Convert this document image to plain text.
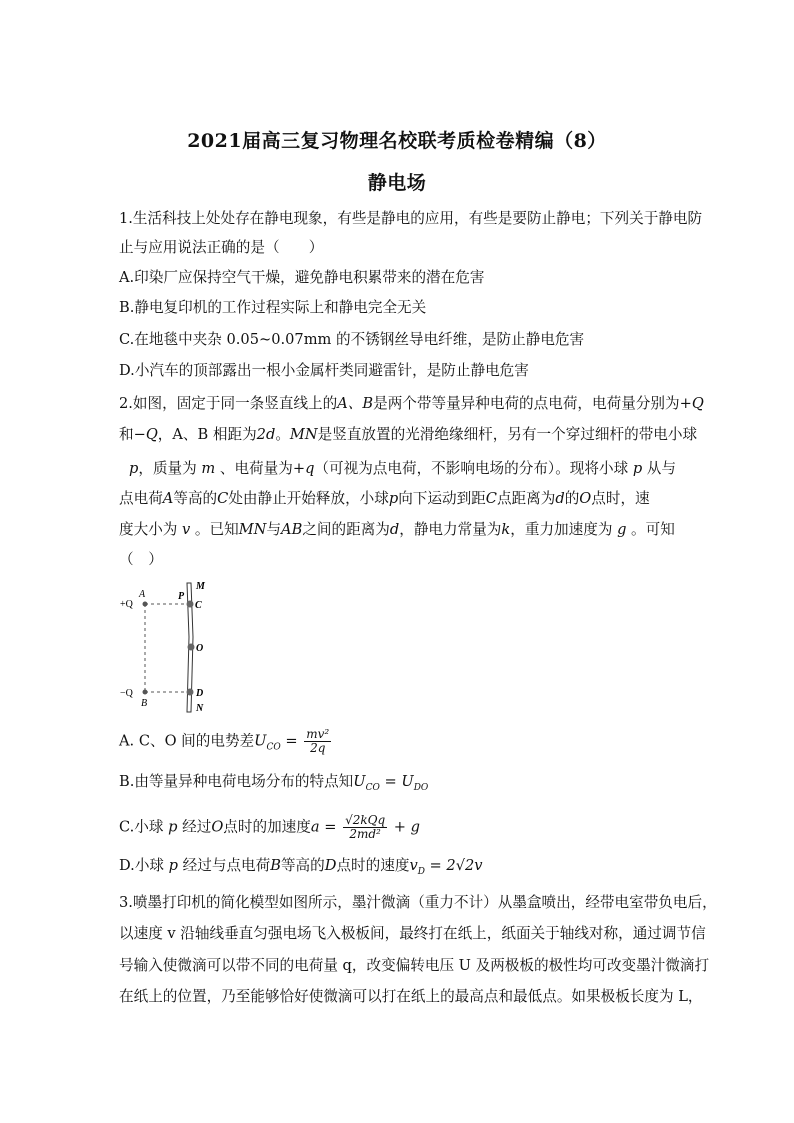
2021届高三复习物理名校联考质检卷精编（8）
静电场
1.生活科技上处处存在静电现象，有些是静电的应用，有些是要防止静电；下列关于静电防
止与应用说法正确的是（　　）
A.印染厂应保持空气干燥，避免静电积累带来的潜在危害
B.静电复印机的工作过程实际上和静电完全无关
C.在地毯中夹杂 0.05~0.07mm 的不锈钢丝导电纤维，是防止静电危害
D.小汽车的顶部露出一根小金属杆类同避雷针，是防止静电危害
2.如图，固定于同一条竖直线上的A、B是两个带等量异种电荷的点电荷，电荷量分别为+Q
和−Q，A、B 相距为2d。MN是竖直放置的光滑绝缘细杆，另有一个穿过细杆的带电小球
p，质量为 m 、电荷量为+q（可视为点电荷，不影响电场的分布）。现将小球 p 从与
点电荷A等高的C处由静止开始释放，小球p向下运动到距C点距离为d的O点时，速
度大小为 v 。已知MN与AB之间的距离为d，静电力常量为k，重力加速度为 g 。可知
（　）
+Q
A
−Q
B
P
C
M
O
D
N
A. C、O 间的电势差$U_{CO} = \frac{\text{mv²}}{2q}$
B.由等量异种电荷电场分布的特点知$U_{CO} = U_{DO}$
C.小球 p 经过O点时的加速度$a = \frac{\text{√2kQq}}{\text{2md²}} + g$
D.小球 p 经过与点电荷B等高的D点时的速度$v_D = 2√2v$
3.喷墨打印机的简化模型如图所示，墨汁微滴（重力不计）从墨盒喷出，经带电室带负电后，
以速度 v 沿轴线垂直匀强电场飞入极板间，最终打在纸上，纸面关于轴线对称，通过调节信
号输入使微滴可以带不同的电荷量 q，改变偏转电压 U 及两极板的极性均可改变墨汁微滴打
在纸上的位置，乃至能够恰好使微滴可以打在纸上的最高点和最低点。如果极板长度为 L，
